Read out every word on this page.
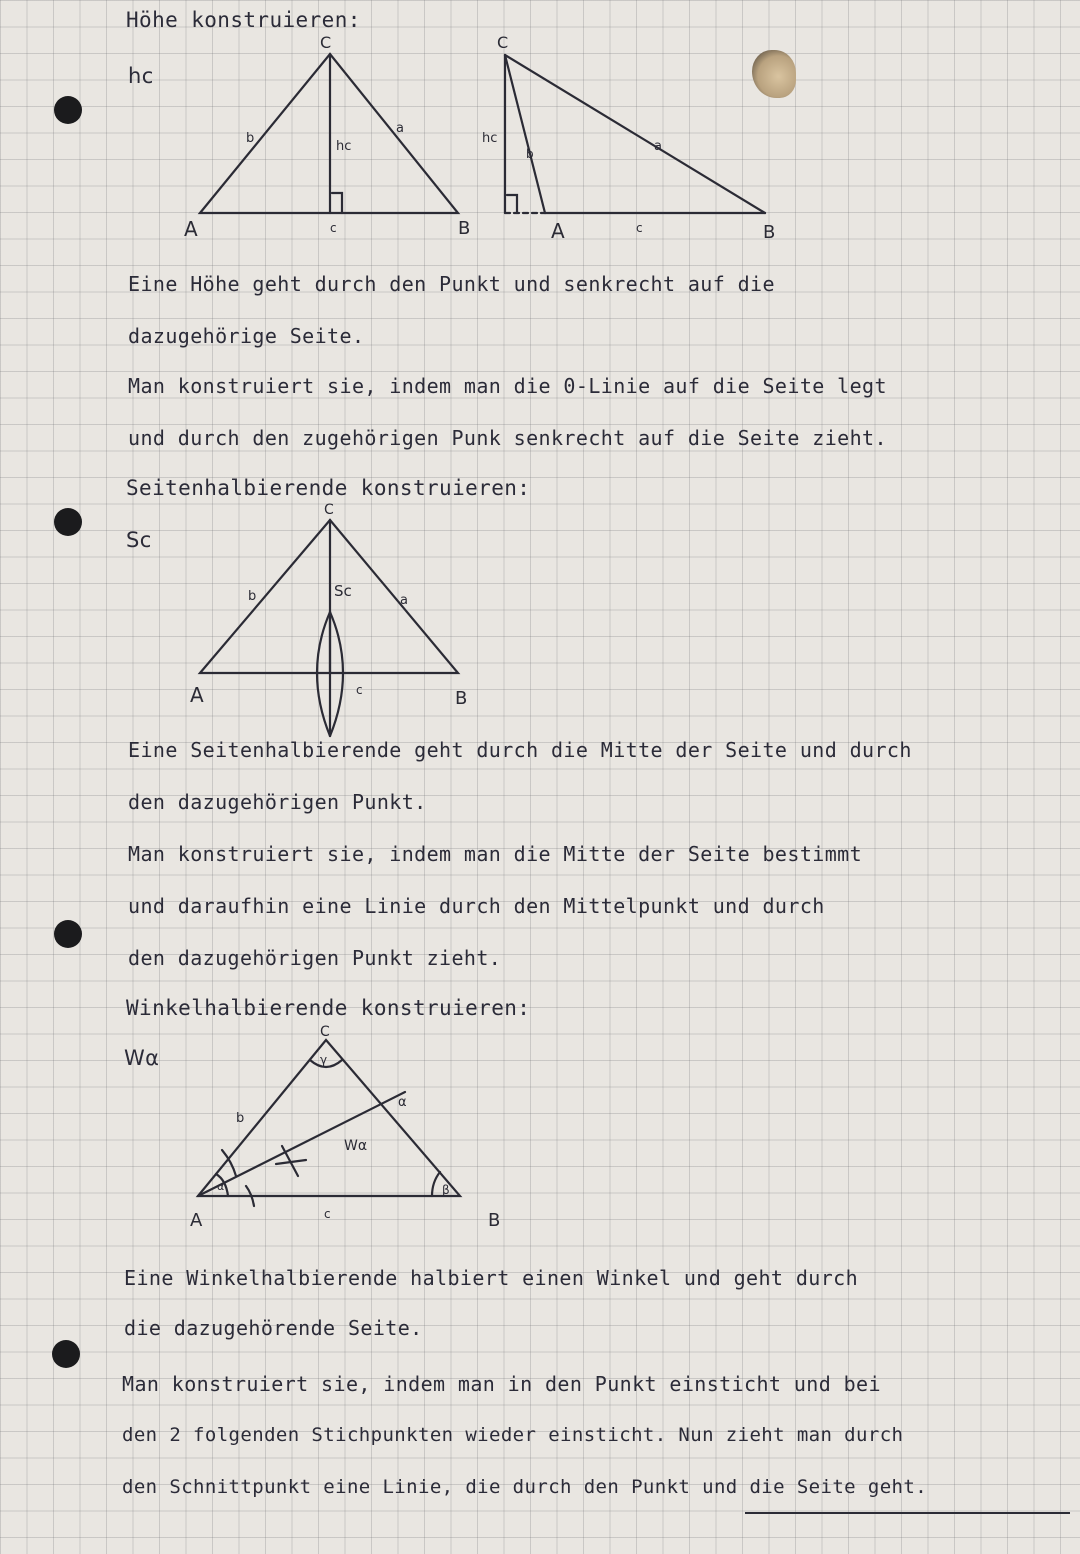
Höhe konstruieren:
hc
C
A	B
a
b
c
hc
C
A	B
a
b
c
hc
Eine Höhe geht durch den Punkt und senkrecht auf die
dazugehörige Seite.
Man konstruiert sie, indem man die 0-Linie auf die Seite legt
und durch den zugehörigen Punk senkrecht auf die Seite zieht.
Seitenhalbierende konstruieren:
Sc
C
A	B
a
b
c
Sc
Eine Seitenhalbierende geht durch die Mitte der Seite und durch
den dazugehörigen Punkt.
Man konstruiert sie, indem man die Mitte der Seite bestimmt
und daraufhin eine Linie durch den Mittelpunkt und durch
den dazugehörigen Punkt zieht.
Winkelhalbierende konstruieren:
Wα
C
A	B
α
b
c
Wα
α	β
γ
Eine Winkelhalbierende halbiert einen Winkel und geht durch
die dazugehörende Seite.
Man konstruiert sie, indem man in den Punkt einsticht und bei
den 2 folgenden Stichpunkten wieder einsticht. Nun zieht man durch
den Schnittpunkt eine Linie, die durch den Punkt und die Seite geht.
